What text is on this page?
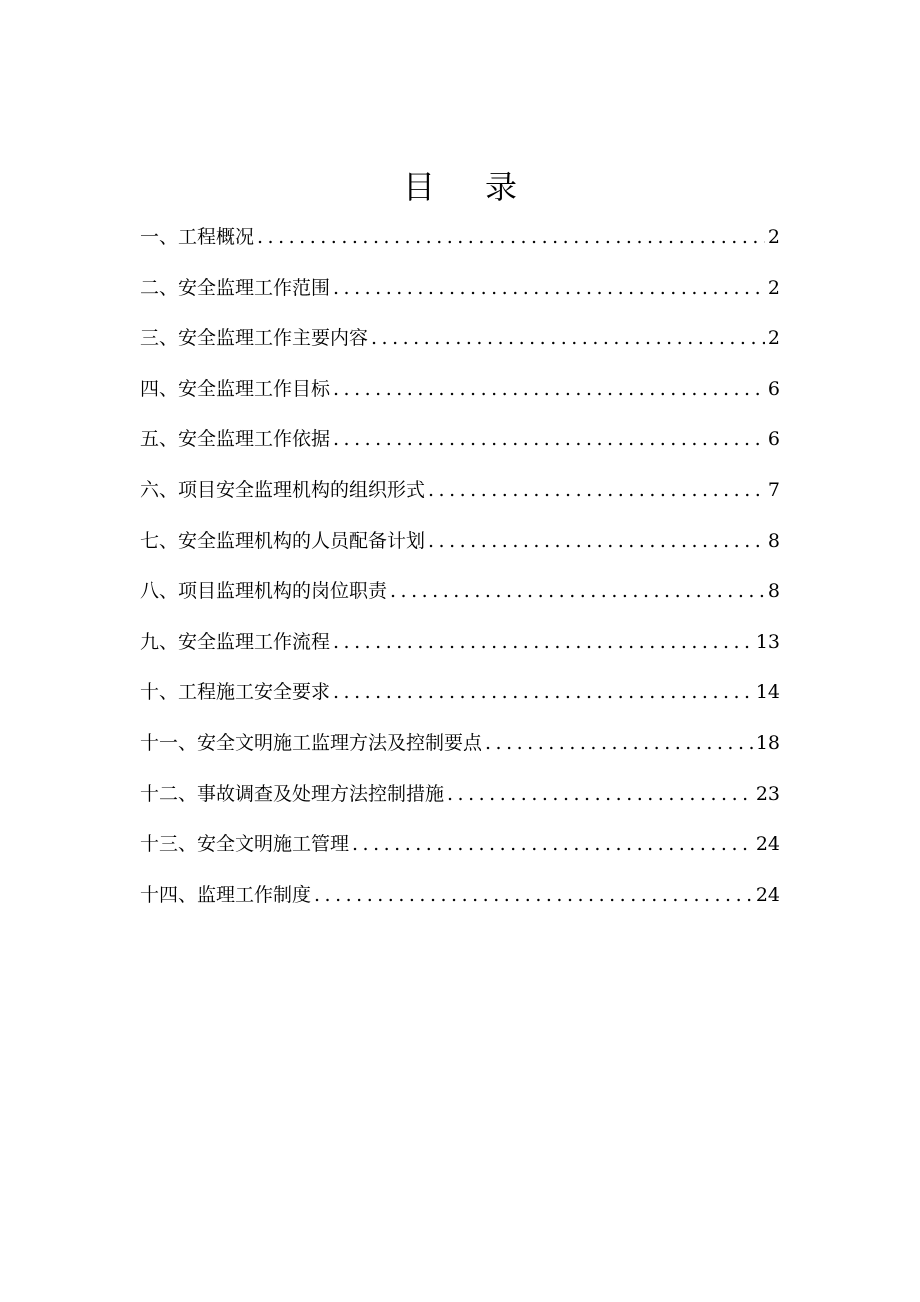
目录
一、工程概况 .....	2
二、安全监理工作范围 .....	2
三、安全监理工作主要内容 .....	2
四、安全监理工作目标 .....	6
五、安全监理工作依据 .....	6
六、项目安全监理机构的组织形式 .....	7
七、安全监理机构的人员配备计划 .....	8
八、项目监理机构的岗位职责 .....	8
九、安全监理工作流程 .....	13
十、工程施工安全要求 .....	14
十一、安全文明施工监理方法及控制要点 .....	18
十二、事故调查及处理方法控制措施 .....	23
十三、安全文明施工管理 .....	24
十四、监理工作制度 .....	24
